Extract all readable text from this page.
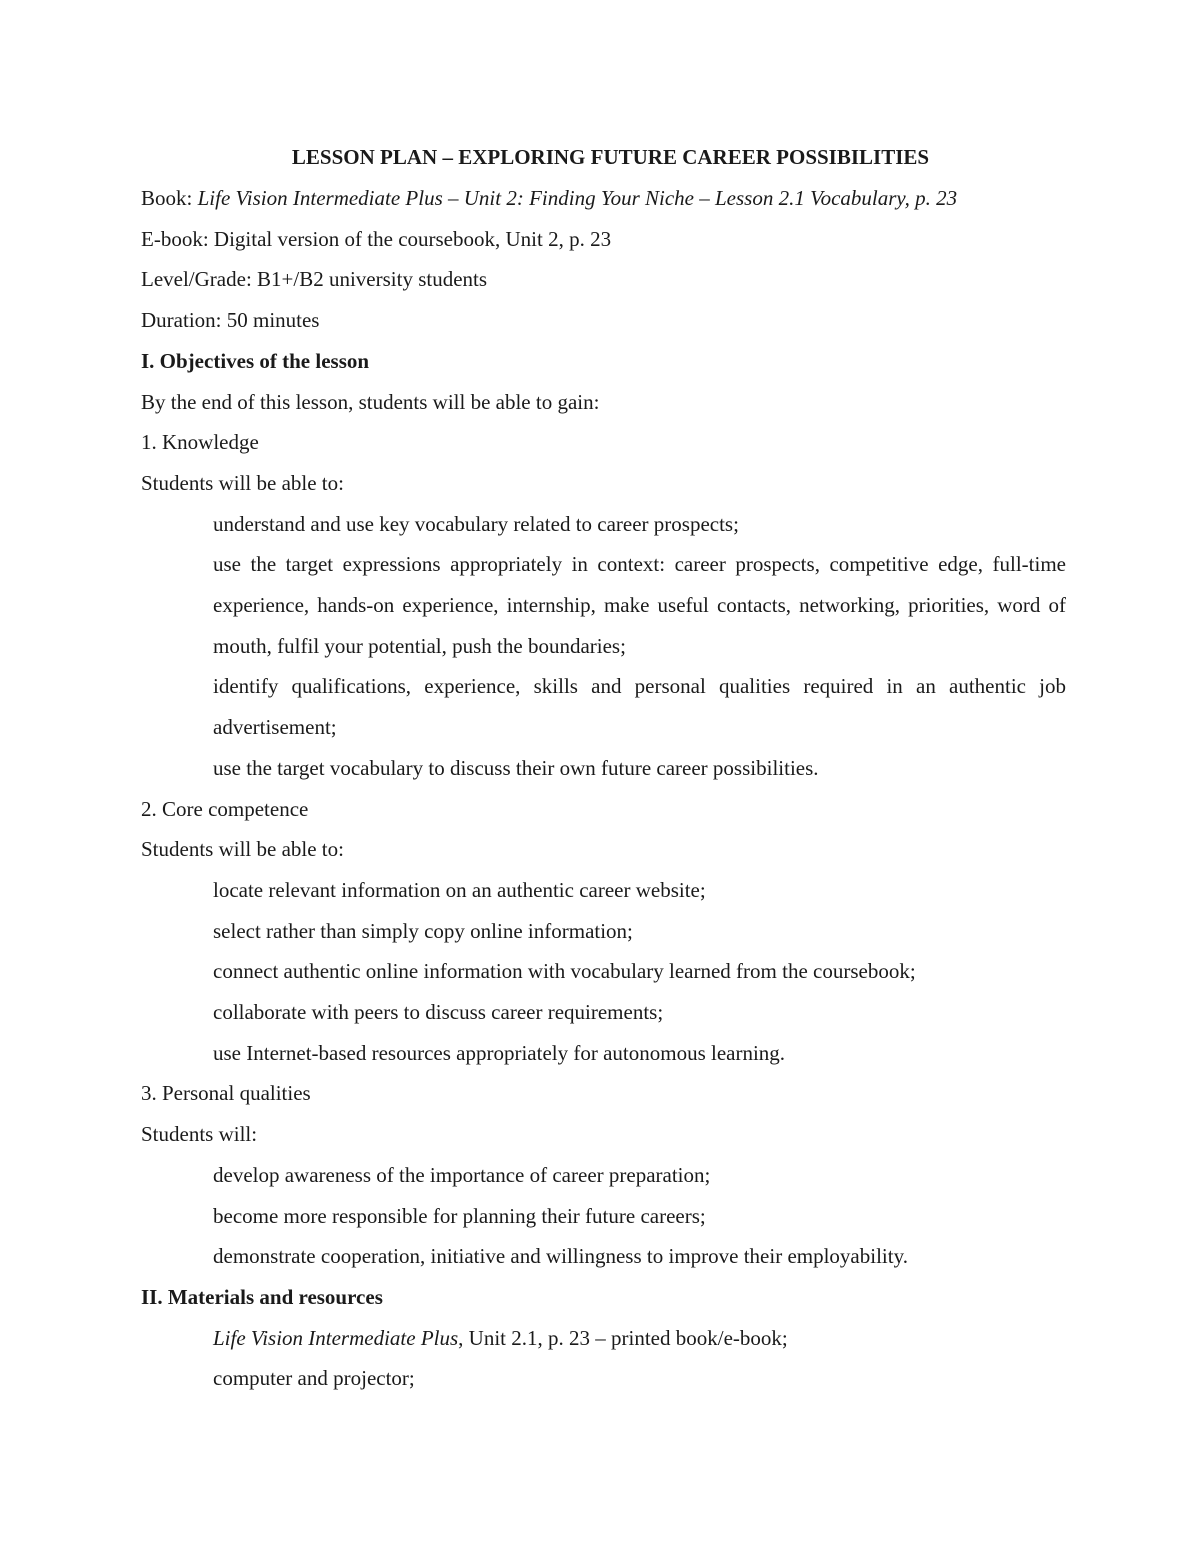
LESSON PLAN – EXPLORING FUTURE CAREER POSSIBILITIES
Book: Life Vision Intermediate Plus – Unit 2: Finding Your Niche – Lesson 2.1 Vocabulary, p. 23
E-book: Digital version of the coursebook, Unit 2, p. 23
Level/Grade: B1+/B2 university students
Duration: 50 minutes
I. Objectives of the lesson
By the end of this lesson, students will be able to gain:
1. Knowledge
Students will be able to:
understand and use key vocabulary related to career prospects;
use the target expressions appropriately in context: career prospects, competitive edge, full-time experience, hands-on experience, internship, make useful contacts, networking, priorities, word of mouth, fulfil your potential, push the boundaries;
identify qualifications, experience, skills and personal qualities required in an authentic job advertisement;
use the target vocabulary to discuss their own future career possibilities.
2. Core competence
Students will be able to:
locate relevant information on an authentic career website;
select rather than simply copy online information;
connect authentic online information with vocabulary learned from the coursebook;
collaborate with peers to discuss career requirements;
use Internet-based resources appropriately for autonomous learning.
3. Personal qualities
Students will:
develop awareness of the importance of career preparation;
become more responsible for planning their future careers;
demonstrate cooperation, initiative and willingness to improve their employability.
II. Materials and resources
Life Vision Intermediate Plus, Unit 2.1, p. 23 – printed book/e-book;
computer and projector;
